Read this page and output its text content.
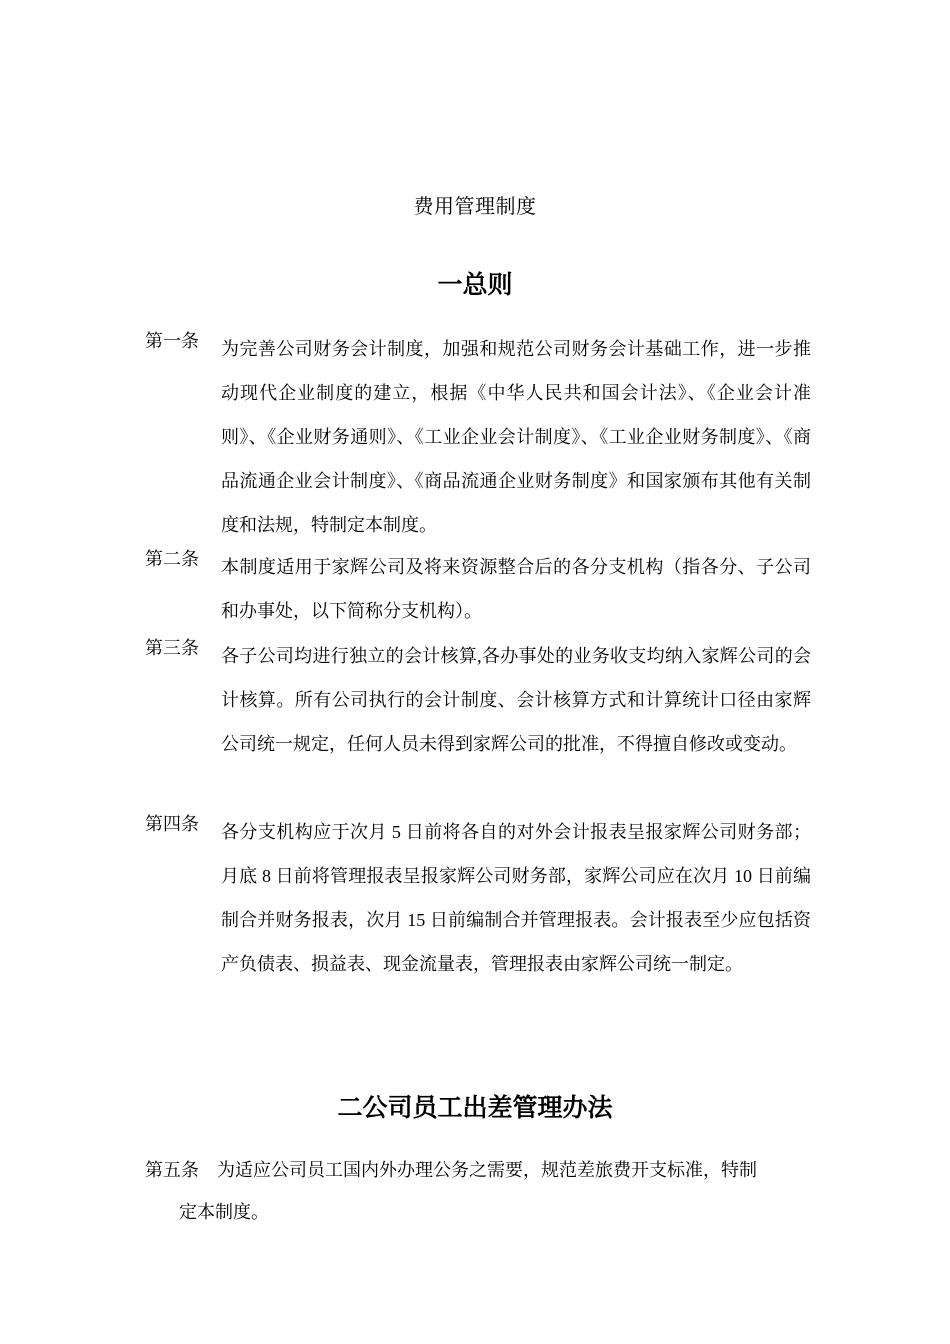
费用管理制度
一总则
第一条 为完善公司财务会计制度，加强和规范公司财务会计基础工作，进一步推动现代企业制度的建立，根据《中华人民共和国会计法》、《企业会计准则》、《企业财务通则》、《工业企业会计制度》、《工业企业财务制度》、《商品流通企业会计制度》、《商品流通企业财务制度》和国家颁布其他有关制度和法规，特制定本制度。
第二条 本制度适用于家辉公司及将来资源整合后的各分支机构（指各分、子公司和办事处，以下简称分支机构）。
第三条 各子公司均进行独立的会计核算,各办事处的业务收支均纳入家辉公司的会计核算。所有公司执行的会计制度、会计核算方式和计算统计口径由家辉公司统一规定，任何人员未得到家辉公司的批准，不得擅自修改或变动。
第四条 各分支机构应于次月 5 日前将各自的对外会计报表呈报家辉公司财务部；月底 8 日前将管理报表呈报家辉公司财务部，家辉公司应在次月 10 日前编制合并财务报表，次月 15 日前编制合并管理报表。会计报表至少应包括资产负债表、损益表、现金流量表，管理报表由家辉公司统一制定。
二公司员工出差管理办法
第五条 为适应公司员工国内外办理公务之需要，规范差旅费开支标准，特制
定本制度。
